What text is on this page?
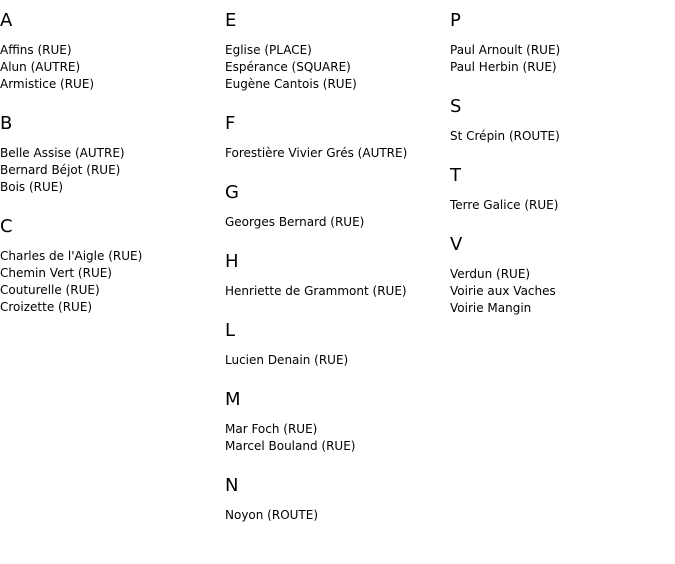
A
Affins (RUE)
Alun (AUTRE)
Armistice (RUE)
B
Belle Assise (AUTRE)
Bernard Béjot (RUE)
Bois (RUE)
C
Charles de l'Aigle (RUE)
Chemin Vert (RUE)
Couturelle (RUE)
Croizette (RUE)
E
Eglise (PLACE)
Espérance (SQUARE)
Eugène Cantois (RUE)
F
Forestière Vivier Grés (AUTRE)
G
Georges Bernard (RUE)
H
Henriette de Grammont (RUE)
L
Lucien Denain (RUE)
M
Mar Foch (RUE)
Marcel Bouland (RUE)
N
Noyon (ROUTE)
P
Paul Arnoult (RUE)
Paul Herbin (RUE)
S
St Crépin (ROUTE)
T
Terre Galice (RUE)
V
Verdun (RUE)
Voirie aux Vaches
Voirie Mangin
